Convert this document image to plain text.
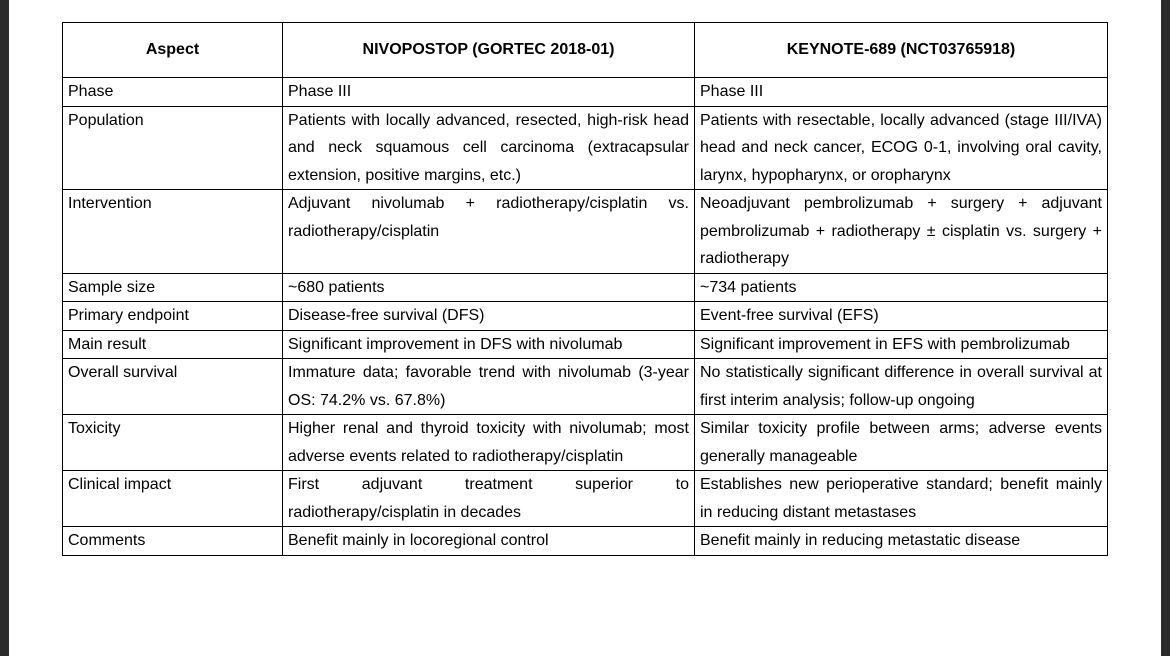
Aspect	NIVOPOSTOP (GORTEC 2018-01)	KEYNOTE-689 (NCT03765918)
Phase	Phase III	Phase III
Population	Patients with locally advanced, resected, high-risk head and neck squamous cell carcinoma (extracapsular extension, positive margins, etc.)	Patients with resectable, locally advanced (stage III/IVA) head and neck cancer, ECOG 0-1, involving oral cavity, larynx, hypopharynx, or oropharynx
Intervention	Adjuvant nivolumab + radiotherapy/cisplatin vs. radiotherapy/cisplatin	Neoadjuvant pembrolizumab + surgery + adjuvant pembrolizumab + radiotherapy ± cisplatin vs. surgery + radiotherapy
Sample size	~680 patients	~734 patients
Primary endpoint	Disease-free survival (DFS)	Event-free survival (EFS)
Main result	Significant improvement in DFS with nivolumab	Significant improvement in EFS with pembrolizumab
Overall survival	Immature data; favorable trend with nivolumab (3-year OS: 74.2% vs. 67.8%)	No statistically significant difference in overall survival at first interim analysis; follow-up ongoing
Toxicity	Higher renal and thyroid toxicity with nivolumab; most adverse events related to radiotherapy/cisplatin	Similar toxicity profile between arms; adverse events generally manageable
Clinical impact	First adjuvant treatment superior to radiotherapy/cisplatin in decades	Establishes new perioperative standard; benefit mainly in reducing distant metastases
Comments	Benefit mainly in locoregional control	Benefit mainly in reducing metastatic disease
